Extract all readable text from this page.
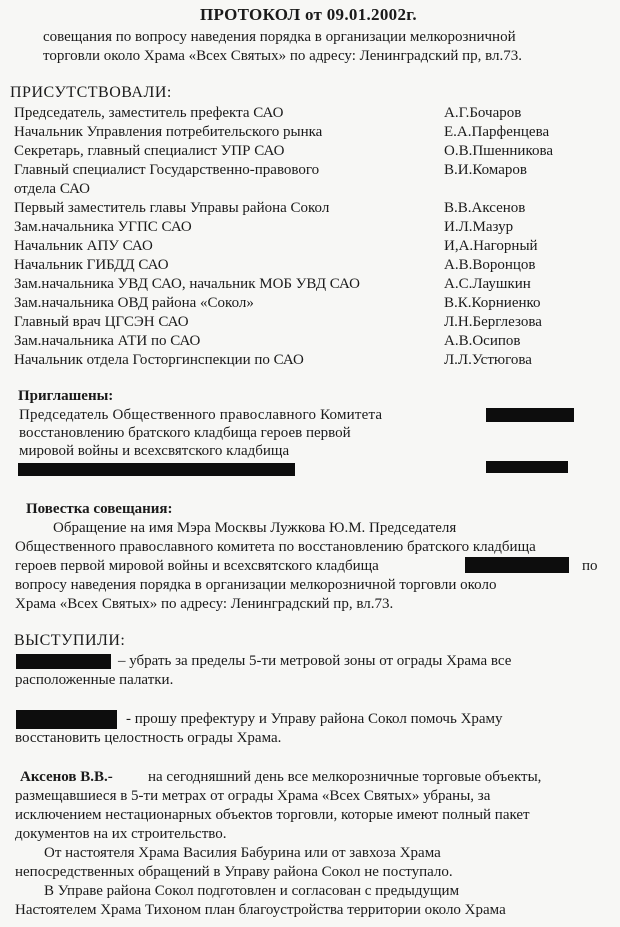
ПРОТОКОЛ от 09.01.2002г.
совещания по вопросу наведения порядка в организации мелкорозничной
торговли около Храма «Всех Святых» по адресу: Ленинградский пр, вл.73.
ПРИСУТСТВОВАЛИ:
Председатель, заместитель префекта САО	А.Г.Бочаров
Начальник Управления потребительского рынка	Е.А.Парфенцева
Секретарь, главный специалист УПР САО	О.В.Пшенникова
Главный специалист Государственно-правового	В.И.Комаров
отдела САО
Первый заместитель главы Управы района Сокол	В.В.Аксенов
Зам.начальника УГПС САО	И.Л.Мазур
Начальник АПУ САО	И,А.Нагорный
Начальник ГИБДД САО	А.В.Воронцов
Зам.начальника УВД САО, начальник МОБ УВД САО	А.С.Лаушкин
Зам.начальника ОВД района «Сокол»	В.К.Корниенко
Главный врач ЦГСЭН САО	Л.Н.Берглезова
Зам.начальника АТИ по САО	А.В.Осипов
Начальник отдела Госторгинспекции по САО	Л.Л.Устюгова
Приглашены:
Председатель Общественного православного Комитета
восстановлению братского кладбища героев первой
мировой войны и всехсвятского кладбища
Повестка совещания:
Обращение на имя Мэра Москвы Лужкова Ю.М. Председателя
Общественного православного комитета по восстановлению братского кладбища
героев первой мировой войны и всехсвятского кладбища	по
вопросу наведения порядка в организации мелкорозничной торговли около
Храма «Всех Святых» по адресу: Ленинградский пр, вл.73.
ВЫСТУПИЛИ:
– убрать за пределы 5-ти метровой зоны от ограды Храма все
расположенные палатки.
- прошу префектуру и Управу района Сокол помочь Храму
восстановить целостность ограды Храма.
Аксенов В.В.- на сегодняшний день все мелкорозничные торговые объекты,
размещавшиеся в 5-ти метрах от ограды Храма «Всех Святых» убраны, за
исключением нестационарных объектов торговли, которые имеют полный пакет
документов на их строительство.
От настоятеля Храма Василия Бабурина или от завхоза Храма
непосредственных обращений в Управу района Сокол не поступало.
В Управе района Сокол подготовлен и согласован с предыдущим
Настоятелем Храма Тихоном план благоустройства территории около Храма
